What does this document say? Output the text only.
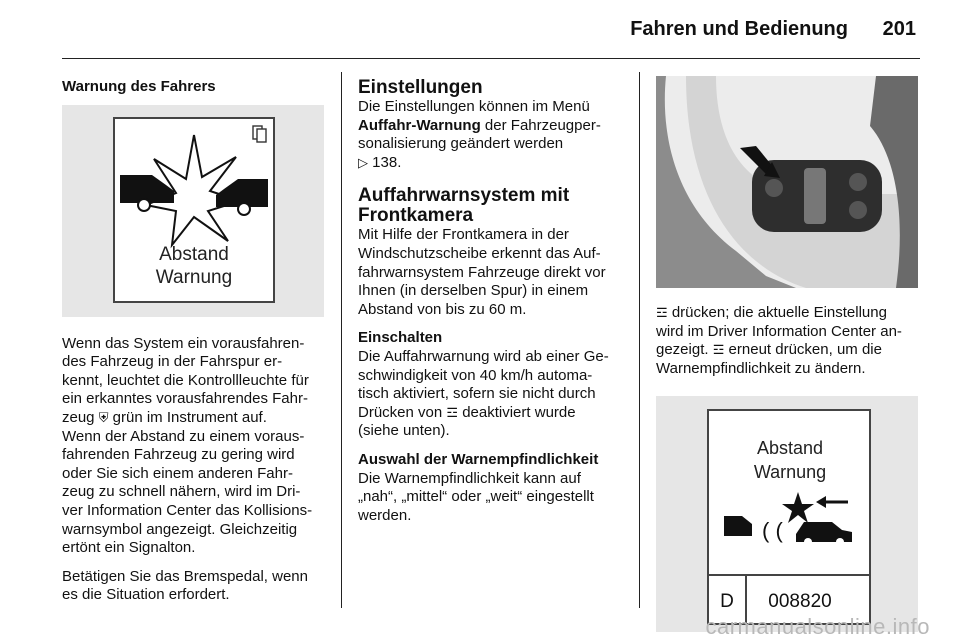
Fahren und Bedienung 201
Warnung des Fahrers
Abstand
Warnung

Wenn das System ein vorausfahren-
des Fahrzeug in der Fahrspur er-
kennt, leuchtet die Kontrollleuchte für
ein erkanntes vorausfahrendes Fahr-
zeug ⛨ grün im Instrument auf.
Wenn der Abstand zu einem voraus-
fahrenden Fahrzeug zu gering wird
oder Sie sich einem anderen Fahr-
zeug zu schnell nähern, wird im Dri-
ver Information Center das Kollisions-
warnsymbol angezeigt. Gleichzeitig
ertönt ein Signalton.

Betätigen Sie das Bremspedal, wenn
es die Situation erfordert.

Einstellungen

Die Einstellungen können im Menü
Auffahr-Warnung der Fahrzeugper-
sonalisierung geändert werden
▷ 138.

Auffahrwarnsystem mit
Frontkamera

Mit Hilfe der Frontkamera in der
Windschutzscheibe erkennt das Auf-
fahrwarnsystem Fahrzeuge direkt vor
Ihnen (in derselben Spur) in einem
Abstand von bis zu 60 m.

Einschalten

Die Auffahrwarnung wird ab einer Ge-
schwindigkeit von 40 km/h automa-
tisch aktiviert, sofern sie nicht durch
Drücken von ☲ deaktiviert wurde
(siehe unten).

Auswahl der Warnempfindlichkeit

Die Warnempfindlichkeit kann auf
„nah“, „mittel“ oder „weit“ eingestellt
werden.

☲ drücken; die aktuelle Einstellung
wird im Driver Information Center an-
gezeigt. ☲ erneut drücken, um die
Warnempfindlichkeit zu ändern.

Abstand
Warnung
( (
D 008820
carmanualsonline.info
